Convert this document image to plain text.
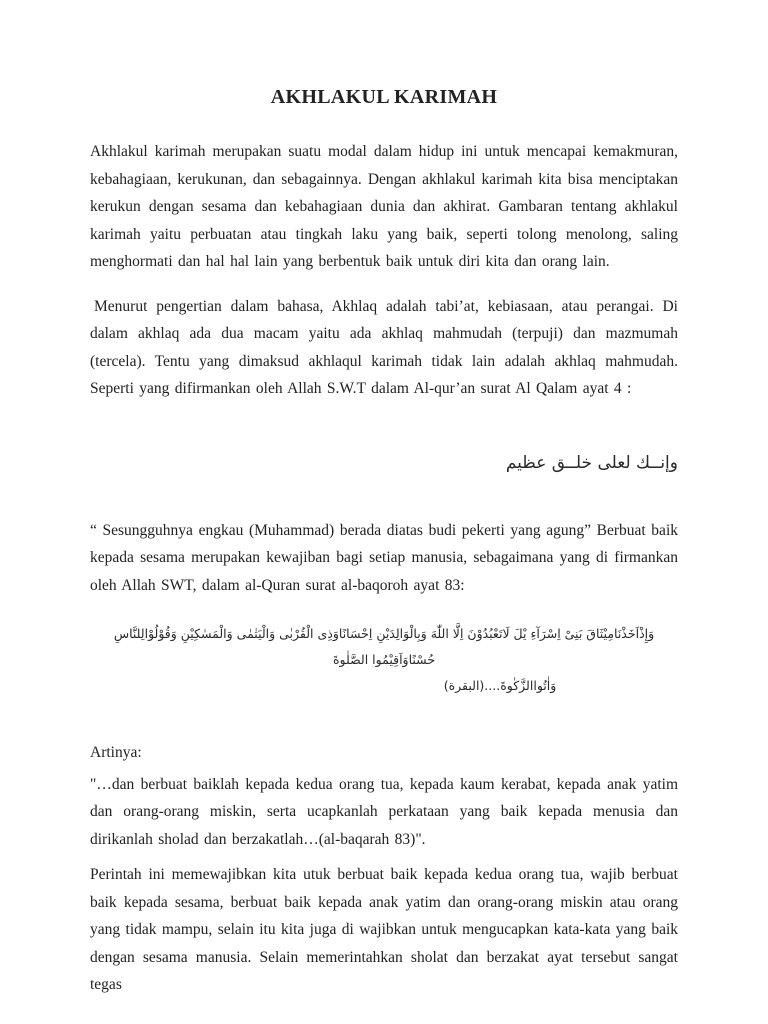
AKHLAKUL KARIMAH

Akhlakul karimah merupakan suatu modal dalam hidup ini untuk mencapai kemakmuran, kebahagiaan, kerukunan, dan sebagainnya. Dengan akhlakul karimah kita bisa menciptakan kerukun dengan sesama dan kebahagiaan dunia dan akhirat. Gambaran tentang akhlakul karimah yaitu perbuatan atau tingkah laku yang baik, seperti tolong menolong, saling menghormati dan hal hal lain yang berbentuk baik untuk diri kita dan orang lain.

Menurut pengertian dalam bahasa, Akhlaq adalah tabi’at, kebiasaan, atau perangai. Di dalam akhlaq ada dua macam yaitu ada akhlaq mahmudah (terpuji) dan mazmumah (tercela). Tentu yang dimaksud akhlaqul karimah tidak lain adalah akhlaq mahmudah. Seperti yang difirmankan oleh Allah S.W.T dalam Al-qur’an surat Al Qalam ayat 4 :

وإنــك لعلى خلــق عظيم

“ Sesungguhnya engkau (Muhammad) berada diatas budi pekerti yang agung” Berbuat baik kepada sesama merupakan kewajiban bagi setiap manusia, sebagaimana yang di firmankan oleh Allah SWT, dalam al-Quran surat al-baqoroh ayat 83:

وَإِذْاَخَذْنَامِيْثَاقَ بَنِىْ اِسْرَآءِ يْلَ لَاتَعْبُدُوْنَ اِلَّا اللّٰهَ وَبِالْوَالِدَيْنِ اِحْسَانًاوَذِى الْقُرْبٰى وَالْيَتٰمٰى وَالْمَسٰكِيْنِ وَقُوْلُوْالِلنَّاسِ حُسْنًاوَاَقِيْمُوا الصَّلٰوةَ
وَاٰتُواالزَّكٰوةَ....(البقرة)

Artinya:

"…dan berbuat baiklah kepada kedua orang tua, kepada kaum kerabat, kepada anak yatim dan orang-orang miskin, serta ucapkanlah perkataan yang baik kepada menusia dan dirikanlah sholad dan berzakatlah…(al-baqarah 83)".

Perintah ini memewajibkan kita utuk berbuat baik kepada kedua orang tua, wajib berbuat baik kepada sesama, berbuat baik kepada anak yatim dan orang-orang miskin atau orang yang tidak mampu, selain itu kita juga di wajibkan untuk mengucapkan kata-kata yang baik dengan sesama manusia. Selain memerintahkan sholat dan berzakat ayat tersebut sangat tegas
